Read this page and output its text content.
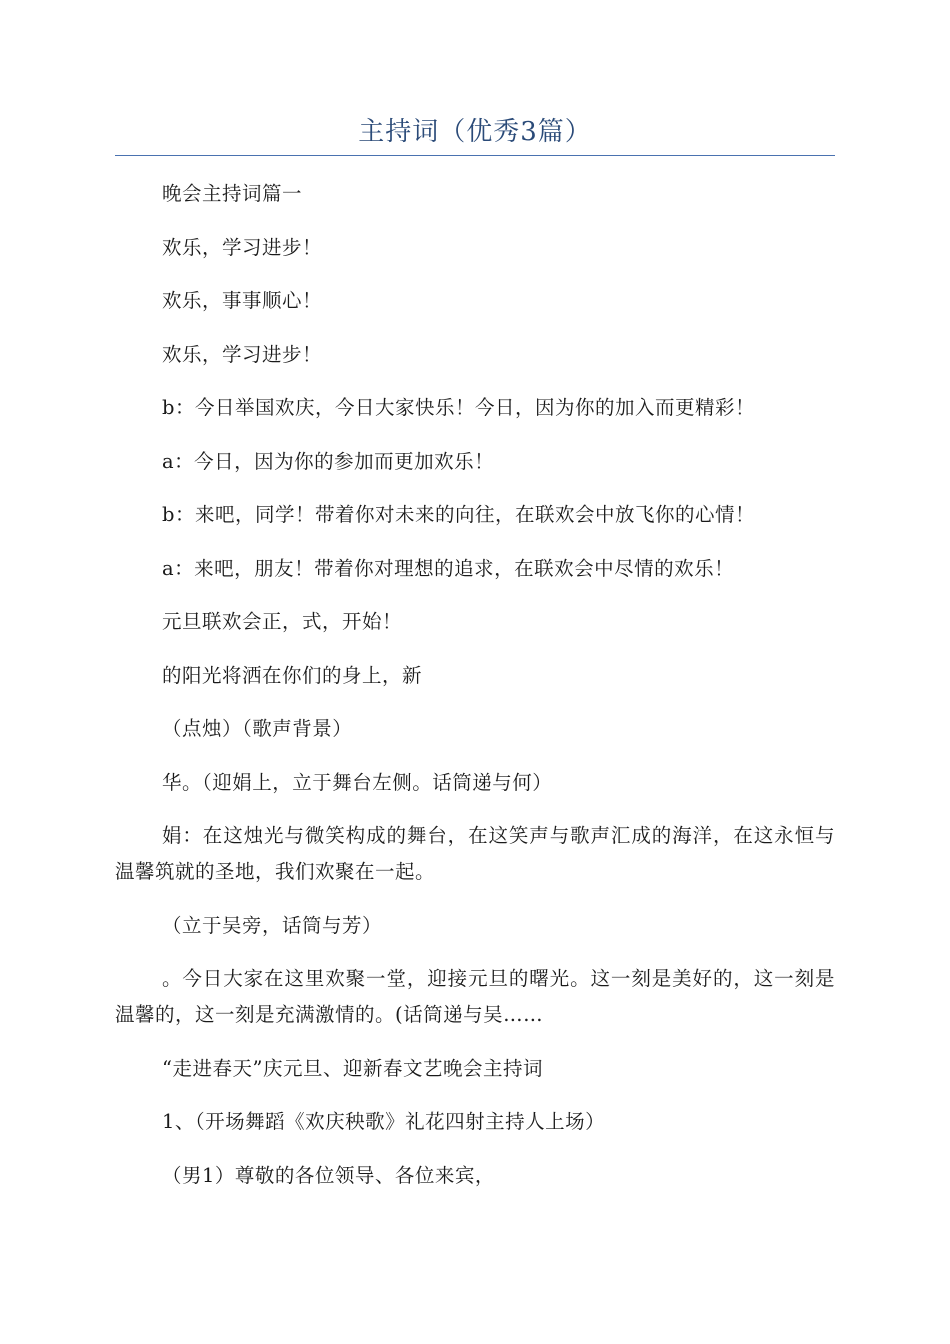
主持词（优秀3篇）

晚会主持词篇一

欢乐，学习进步！

欢乐，事事顺心！

欢乐，学习进步！

b：今日举国欢庆，今日大家快乐！今日，因为你的加入而更精彩！

a：今日，因为你的参加而更加欢乐！

b：来吧，同学！带着你对未来的向往，在联欢会中放飞你的心情！

a：来吧，朋友！带着你对理想的追求，在联欢会中尽情的欢乐！

元旦联欢会正，式，开始！

的阳光将洒在你们的身上，新

（点烛）（歌声背景）

华。（迎娟上，立于舞台左侧。话筒递与何）

娟：在这烛光与微笑构成的舞台，在这笑声与歌声汇成的海洋，在这永恒与温馨筑就的圣地，我们欢聚在一起。

（立于吴旁，话筒与芳）

。今日大家在这里欢聚一堂，迎接元旦的曙光。这一刻是美好的，这一刻是温馨的，这一刻是充满激情的。(话筒递与吴……

“走进春天”庆元旦、迎新春文艺晚会主持词

1、（开场舞蹈《欢庆秧歌》礼花四射主持人上场）

（男1）尊敬的各位领导、各位来宾，
